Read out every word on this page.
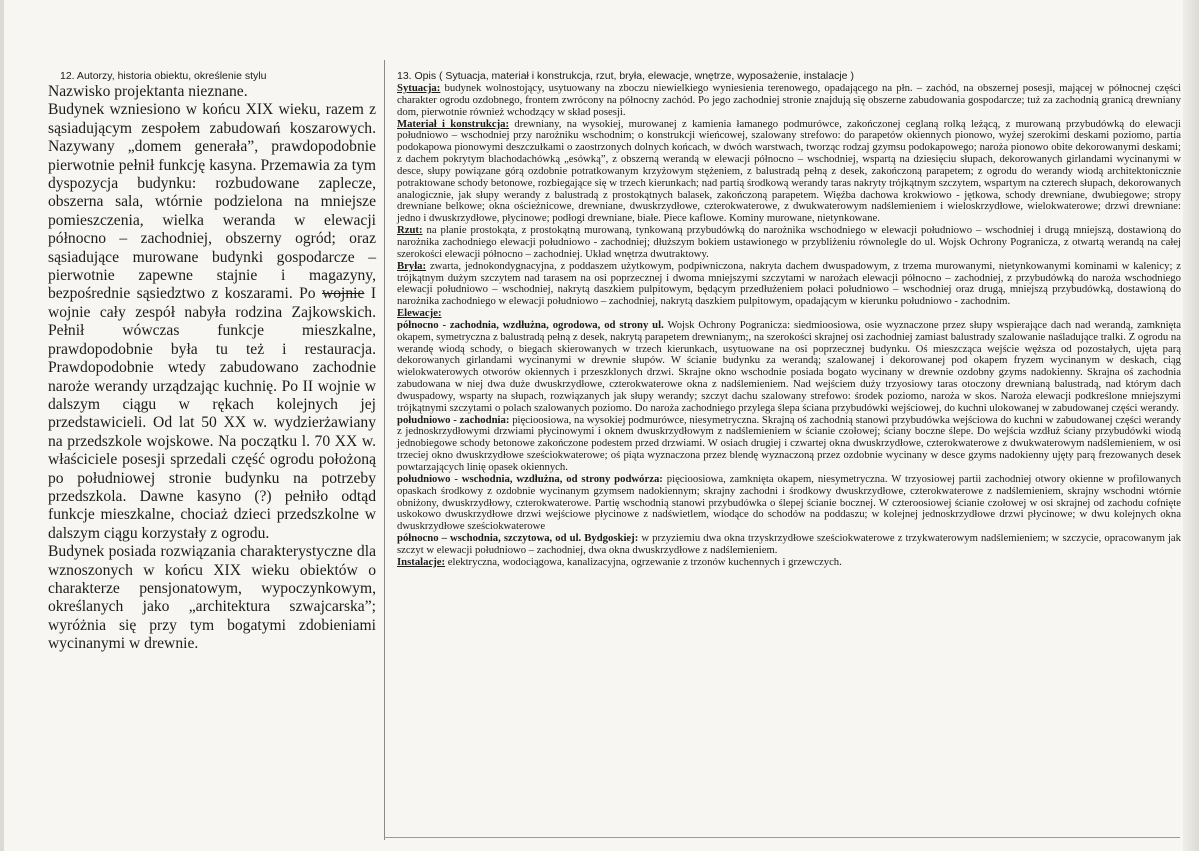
12. Autorzy, historia obiektu, określenie stylu

Nazwisko projektanta nieznane.

Budynek wzniesiono w końcu XIX wieku, razem z sąsiadującym zespołem zabudowań koszarowych. Nazywany „domem generała”, prawdopodobnie pierwotnie pełnił funkcję kasyna. Przemawia za tym dyspozycja budynku: rozbudowane zaplecze, obszerna sala, wtórnie podzielona na mniejsze pomieszczenia, wielka weranda w elewacji północno – zachodniej, obszerny ogród; oraz sąsiadujące murowane budynki gospodarcze – pierwotnie zapewne stajnie i magazyny, bezpośrednie sąsiedztwo z koszarami. Po wojnie I wojnie cały zespół nabyła rodzina Zajkowskich. Pełnił wówczas funkcje mieszkalne, prawdopodobnie była tu też i restauracja. Prawdopodobnie wtedy zabudowano zachodnie naroże werandy urządzając kuchnię. Po II wojnie w dalszym ciągu w rękach kolejnych jej przedstawicieli. Od lat 50 XX w. wydzierżawiany na przedszkole wojskowe. Na początku l. 70 XX w. właściciele posesji sprzedali część ogrodu położoną po południowej stronie budynku na potrzeby przedszkola. Dawne kasyno (?) pełniło odtąd funkcje mieszkalne, chociaż dzieci przedszkolne w dalszym ciągu korzystały z ogrodu.

Budynek posiada rozwiązania charakterystyczne dla wznoszonych w końcu XIX wieku obiektów o charakterze pensjonatowym, wypoczynkowym, określanych jako „architektura szwajcarska”; wyróżnia się przy tym bogatymi zdobieniami wycinanymi w drewnie.

13. Opis ( Sytuacja, materiał i konstrukcja, rzut, bryła, elewacje, wnętrze, wyposażenie, instalacje )

Sytuacja: budynek wolnostojący, usytuowany na zboczu niewielkiego wyniesienia terenowego, opadającego na płn. – zachód, na obszernej posesji, mającej w północnej części charakter ogrodu ozdobnego, frontem zwrócony na północny zachód. Po jego zachodniej stronie znajdują się obszerne zabudowania gospodarcze; tuż za zachodnią granicą drewniany dom, pierwotnie również wchodzący w skład posesji.

Materiał i konstrukcja: drewniany, na wysokiej, murowanej z kamienia łamanego podmurówce, zakończonej ceglaną rolką leżącą, z murowaną przybudówką do elewacji południowo – wschodniej przy narożniku wschodnim; o konstrukcji wieńcowej, szalowany strefowo: do parapetów okiennych pionowo, wyżej szerokimi deskami poziomo, partia podokapowa pionowymi deszczułkami o zaostrzonych dolnych końcach, w dwóch warstwach, tworząc rodzaj gzymsu podokapowego; naroża pionowo obite dekorowanymi deskami; z dachem pokrytym blachodachówką „esówką”, z obszerną werandą w elewacji północno – wschodniej, wspartą na dziesięciu słupach, dekorowanych girlandami wycinanymi w desce, słupy powiązane górą ozdobnie potratkowanym krzyżowym stężeniem, z balustradą pełną z desek, zakończoną parapetem; z ogrodu do werandy wiodą architektonicznie potraktowane schody betonowe, rozbiegające się w trzech kierunkach; nad partią środkową werandy taras nakryty trójkątnym szczytem, wspartym na czterech słupach, dekorowanych analogicznie, jak słupy werandy z balustradą z prostokątnych balasek, zakończoną parapetem. Więźba dachowa krokwiowo - jętkowa, schody drewniane, dwubiegowe; stropy drewniane belkowe; okna ościeżnicowe, drewniane, dwuskrzydłowe, czterokwaterowe, z dwukwaterowym nadślemieniem i wieloskrzydłowe, wielokwaterowe; drzwi drewniane: jedno i dwuskrzydłowe, płycinowe; podłogi drewniane, białe. Piece kaflowe. Kominy murowane, nietynkowane.

Rzut: na planie prostokąta, z prostokątną murowaną, tynkowaną przybudówką do narożnika wschodniego w elewacji południowo – wschodniej i drugą mniejszą, dostawioną do narożnika zachodniego elewacji południowo - zachodniej; dłuższym bokiem ustawionego w przybliżeniu równolegle do ul. Wojsk Ochrony Pogranicza, z otwartą werandą na całej szerokości elewacji północno – zachodniej. Układ wnętrza dwutraktowy.

Bryła: zwarta, jednokondygnacyjna, z poddaszem użytkowym, podpiwniczona, nakryta dachem dwuspadowym, z trzema murowanymi, nietynkowanymi kominami w kalenicy; z trójkątnym dużym szczytem nad tarasem na osi poprzecznej i dwoma mniejszymi szczytami w narożach elewacji północno – zachodniej, z przybudówką do naroża wschodniego elewacji południowo – wschodniej, nakrytą daszkiem pulpitowym, będącym przedłużeniem połaci południowo – wschodniej oraz drugą, mniejszą przybudówką, dostawioną do narożnika zachodniego w elewacji południowo – zachodniej, nakrytą daszkiem pulpitowym, opadającym w kierunku południowo - zachodnim.

Elewacje:

północno - zachodnia, wzdłużna, ogrodowa, od strony ul. Wojsk Ochrony Pogranicza: siedmioosiowa, osie wyznaczone przez słupy wspierające dach nad werandą, zamknięta okapem, symetryczna z balustradą pełną z desek, nakrytą parapetem drewnianym;, na szerokości skrajnej osi zachodniej zamiast balustrady szalowanie naśladujące tralki. Z ogrodu na werandę wiodą schody, o biegach skierowanych w trzech kierunkach, usytuowane na osi poprzecznej budynku. Oś mieszcząca wejście węższa od pozostałych, ujęta parą dekorowanych girlandami wycinanymi w drewnie słupów. W ścianie budynku za werandą; szalowanej i dekorowanej pod okapem fryzem wycinanym w deskach, ciąg wielokwaterowych otworów okiennych i przeszklonych drzwi. Skrajne okno wschodnie posiada bogato wycinany w drewnie ozdobny gzyms nadokienny. Skrajna oś zachodnia zabudowana w niej dwa duże dwuskrzydłowe, czterokwaterowe okna z nadślemieniem. Nad wejściem duży trzyosiowy taras otoczony drewnianą balustradą, nad którym dach dwuspadowy, wsparty na słupach, rozwiązanych jak słupy werandy; szczyt dachu szalowany strefowo: środek poziomo, naroża w skos. Naroża elewacji podkreślone mniejszymi trójkątnymi szczytami o polach szalowanych poziomo. Do naroża zachodniego przylega ślepa ściana przybudówki wejściowej, do kuchni ulokowanej w zabudowanej części werandy.

południowo - zachodnia: pięcioosiowa, na wysokiej podmurówce, niesymetryczna. Skrajną oś zachodnią stanowi przybudówka wejściowa do kuchni w zabudowanej części werandy z jednoskrzydłowymi drzwiami płycinowymi i oknem dwuskrzydłowym z nadślemieniem w ścianie czołowej; ściany boczne ślepe. Do wejścia wzdłuż ściany przybudówki wiodą jednobiegowe schody betonowe zakończone podestem przed drzwiami. W osiach drugiej i czwartej okna dwuskrzydłowe, czterokwaterowe z dwukwaterowym nadślemieniem, w osi trzeciej okno dwuskrzydłowe sześciokwaterowe; oś piąta wyznaczona przez blendę wyznaczoną przez ozdobnie wycinany w desce gzyms nadokienny ujęty parą frezowanych desek powtarzających linię opasek okiennych.

południowo - wschodnia, wzdłużna, od strony podwórza: pięcioosiowa, zamknięta okapem, niesymetryczna. W trzyosiowej partii zachodniej otwory okienne w profilowanych opaskach środkowy z ozdobnie wycinanym gzymsem nadokiennym; skrajny zachodni i środkowy dwuskrzydłowe, czterokwaterowe z nadślemieniem, skrajny wschodni wtórnie obniżony, dwuskrzydłowy, czterokwaterowe. Partię wschodnią stanowi przybudówka o ślepej ścianie bocznej. W czteroosiowej ścianie czołowej w osi skrajnej od zachodu cofnięte uskokowo dwuskrzydłowe drzwi wejściowe płycinowe z nadświetlem, wiodące do schodów na poddaszu; w kolejnej jednoskrzydłowe drzwi płycinowe; w dwu kolejnych okna dwuskrzydłowe sześciokwaterowe

północno – wschodnia, szczytowa, od ul. Bydgoskiej: w przyziemiu dwa okna trzyskrzydłowe sześciokwaterowe z trzykwaterowym nadślemieniem; w szczycie, opracowanym jak szczyt w elewacji południowo – zachodniej, dwa okna dwuskrzydłowe z nadślemieniem.

Instalacje: elektryczna, wodociągowa, kanalizacyjna, ogrzewanie z trzonów kuchennych i grzewczych.
